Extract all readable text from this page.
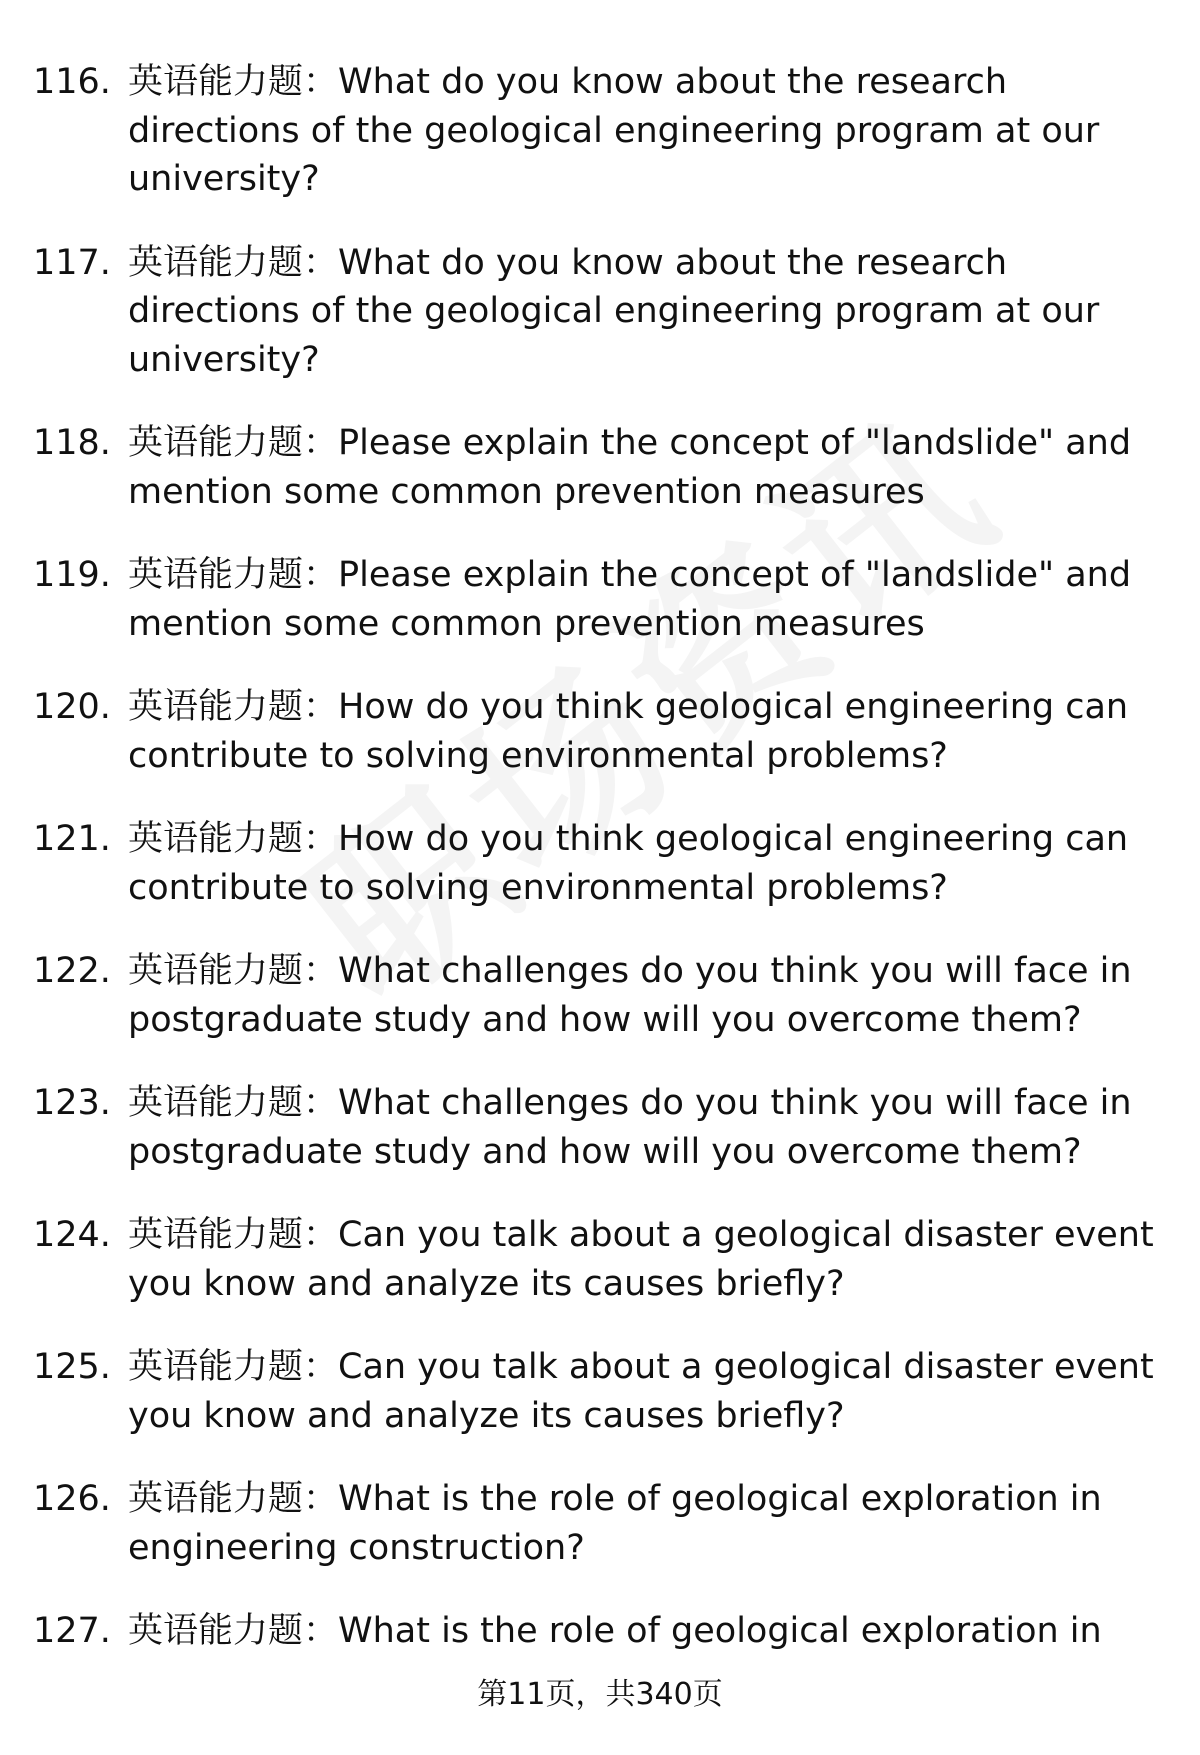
116. 英语能力题：What do you know about the research directions of the geological engineering program at our university?
117. 英语能力题：What do you know about the research directions of the geological engineering program at our university?
118. 英语能力题：Please explain the concept of "landslide" and mention some common prevention measures
119. 英语能力题：Please explain the concept of "landslide" and mention some common prevention measures
120. 英语能力题：How do you think geological engineering can contribute to solving environmental problems?
121. 英语能力题：How do you think geological engineering can contribute to solving environmental problems?
122. 英语能力题：What challenges do you think you will face in postgraduate study and how will you overcome them?
123. 英语能力题：What challenges do you think you will face in postgraduate study and how will you overcome them?
124. 英语能力题：Can you talk about a geological disaster event you know and analyze its causes briefly?
125. 英语能力题：Can you talk about a geological disaster event you know and analyze its causes briefly?
126. 英语能力题：What is the role of geological exploration in engineering construction?
127. 英语能力题：What is the role of geological exploration in
第11页，共340页
